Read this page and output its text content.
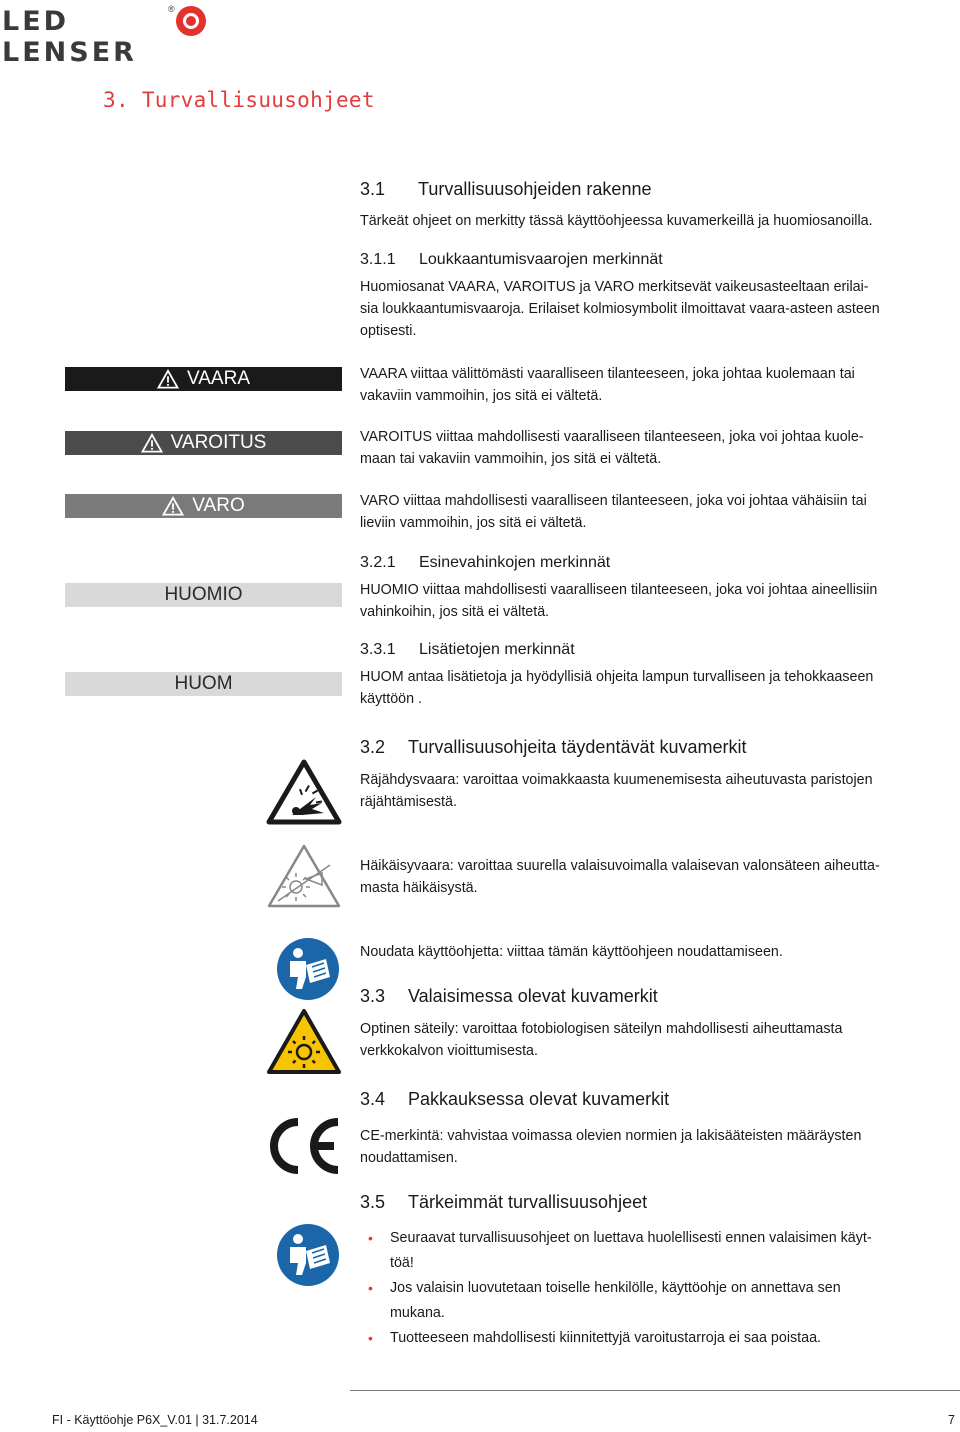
LED LENSER
®
3. Turvallisuusohjeet
3.1 Turvallisuusohjeiden rakenne
Tärkeät ohjeet on merkitty tässä käyttöohjeessa kuvamerkeillä ja huomiosanoilla.
3.1.1 Loukkaantumisvaarojen merkinnät
Huomiosanat VAARA, VAROITUS ja VARO merkitsevät vaikeusasteeltaan erilai-
sia loukkaantumisvaaroja. Erilaiset kolmiosymbolit ilmoittavat vaara-asteen asteen
optisesti.
VAARA	VAARA viittaa välittömästi vaaralliseen tilanteeseen, joka johtaa kuolemaan tai
vakaviin vammoihin, jos sitä ei vältetä.
VAROITUS	VAROITUS viittaa mahdollisesti vaaralliseen tilanteeseen, joka voi johtaa kuole-
maan tai vakaviin vammoihin, jos sitä ei vältetä.
VARO	VARO viittaa mahdollisesti vaaralliseen tilanteeseen, joka voi johtaa vähäisiin tai
lieviin vammoihin, jos sitä ei vältetä.
3.2.1 Esinevahinkojen merkinnät
HUOMIO	HUOMIO viittaa mahdollisesti vaaralliseen tilanteeseen, joka voi johtaa aineellisiin
vahinkoihin, jos sitä ei vältetä.
3.3.1 Lisätietojen merkinnät
HUOM	HUOM antaa lisätietoja ja hyödyllisiä ohjeita lampun turvalliseen ja tehokkaaseen
käyttöön .
3.2 Turvallisuusohjeita täydentävät kuvamerkit
Räjähdysvaara: varoittaa voimakkaasta kuumenemisesta aiheutuvasta paristojen
räjähtämisestä.
Häikäisyvaara: varoittaa suurella valaisuvoimalla valaisevan valonsäteen aiheutta-
masta häikäisystä.
Noudata käyttöohjetta: viittaa tämän käyttöohjeen noudattamiseen.
3.3 Valaisimessa olevat kuvamerkit
Optinen säteily: varoittaa fotobiologisen säteilyn mahdollisesti aiheuttamasta
verkkokalvon vioittumisesta.
3.4 Pakkauksessa olevat kuvamerkit
CE-merkintä: vahvistaa voimassa olevien normien ja lakisääteisten määräysten
noudattamisen.
3.5 Tärkeimmät turvallisuusohjeet
• Seuraavat turvallisuusohjeet on luettava huolellisesti ennen valaisimen käyt-
töä!
• Jos valaisin luovutetaan toiselle henkilölle, käyttöohje on annettava sen
mukana.
• Tuotteeseen mahdollisesti kiinnitettyjä varoitustarroja ei saa poistaa.
FI - Käyttöohje P6X_V.01 | 31.7.2014	7
